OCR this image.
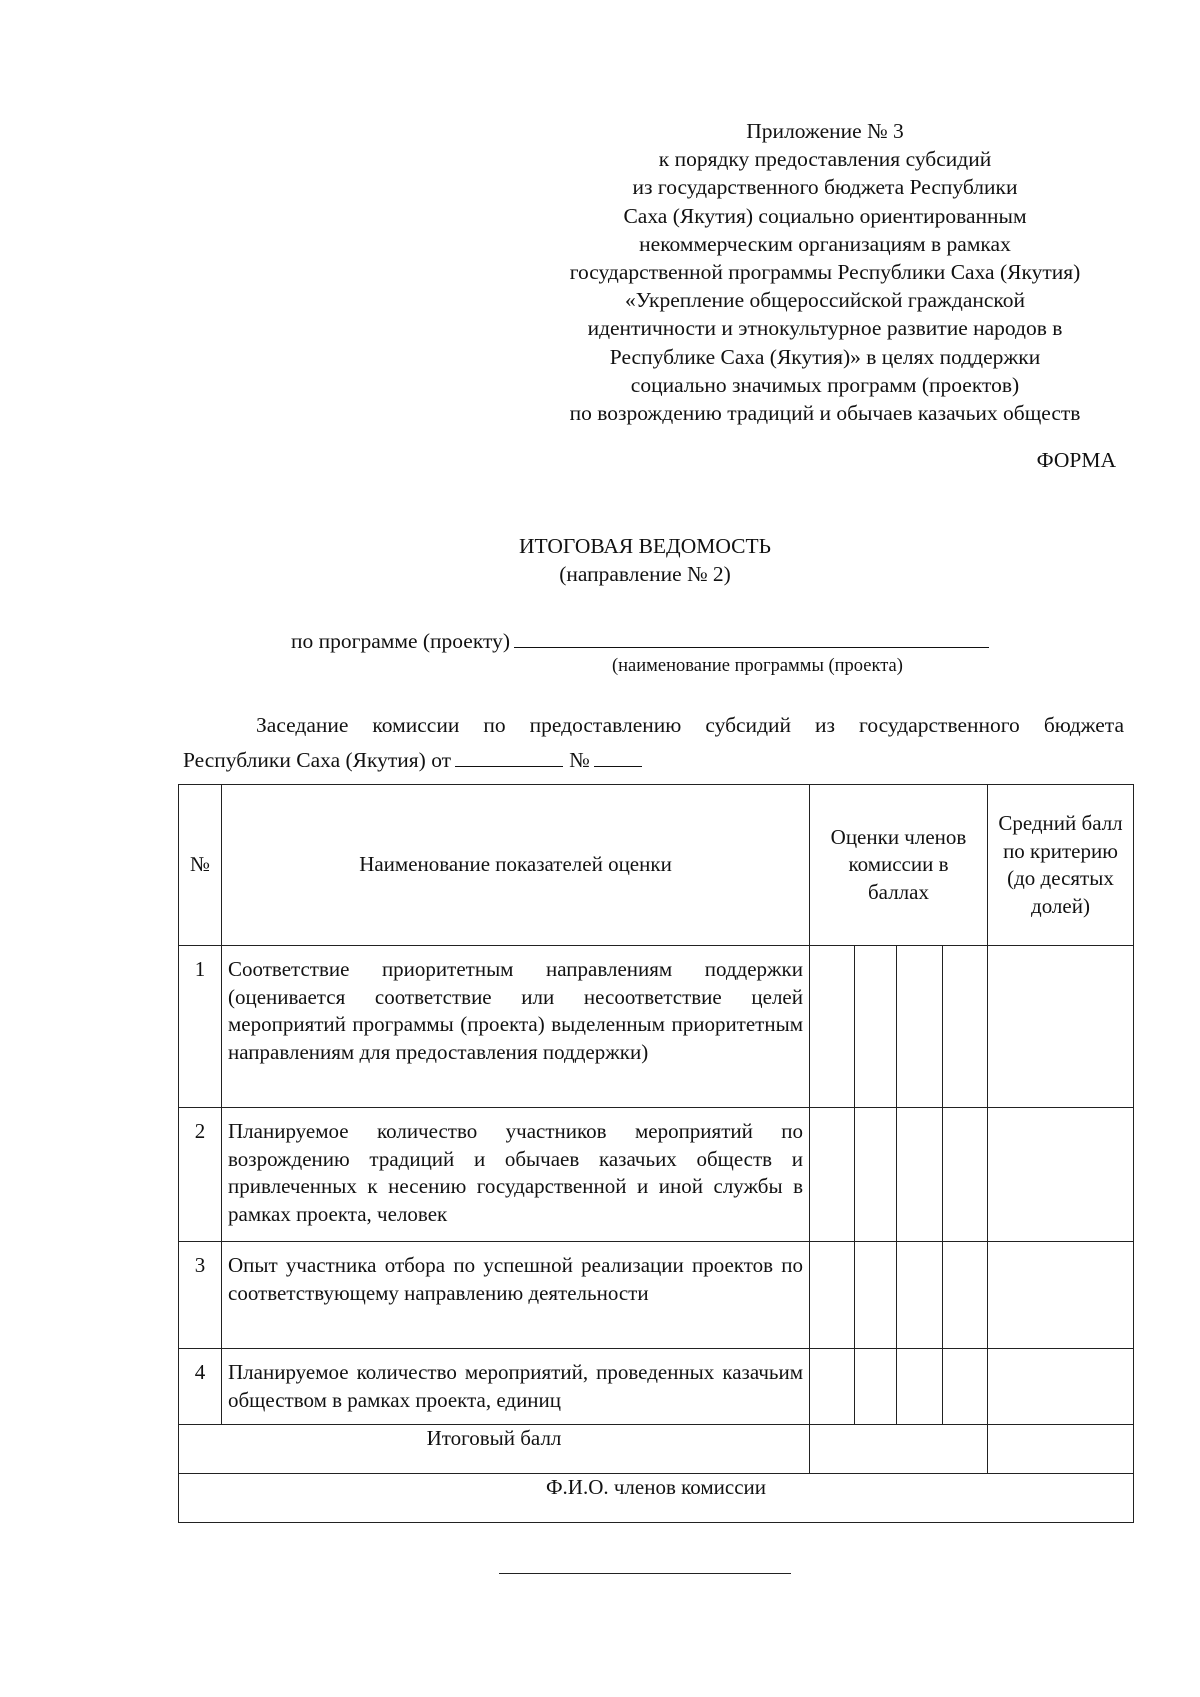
Приложение № 3
к порядку предоставления субсидий
из государственного бюджета Республики
Саха (Якутия) социально ориентированным
некоммерческим организациям в рамках
государственной программы Республики Саха (Якутия)
«Укрепление общероссийской гражданской
идентичности и этнокультурное развитие народов в
Республике Саха (Якутия)» в целях поддержки
социально значимых программ (проектов)
по возрождению традиций и обычаев казачьих обществ
ФОРМА
ИТОГОВАЯ ВЕДОМОСТЬ
(направление № 2)
по программе (проекту)
(наименование программы (проекта)
Заседание комиссии по предоставлению субсидий из государственного бюджета
Республики Саха (Якутия) от	№
№	Наименование показателей оценки	Оценки членов комиссии в баллах				Средний балл по критерию (до десятых долей)
1	Соответствие приоритетным направлениям поддержки (оценивается соответствие или несоответствие целей мероприятий программы (проекта) выделенным приоритетным направлениям для предоставления поддержки)					
2	Планируемое количество участников мероприятий по возрождению традиций и обычаев казачьих обществ и привлеченных к несению государственной и иной службы в рамках проекта, человек					
3	Опыт участника отбора по успешной реализации проектов по соответствующему направлению деятельности					
4	Планируемое количество мероприятий, проведенных казачьим обществом в рамках проекта, единиц					
Итоговый балл						
Ф.И.О. членов комиссии						
